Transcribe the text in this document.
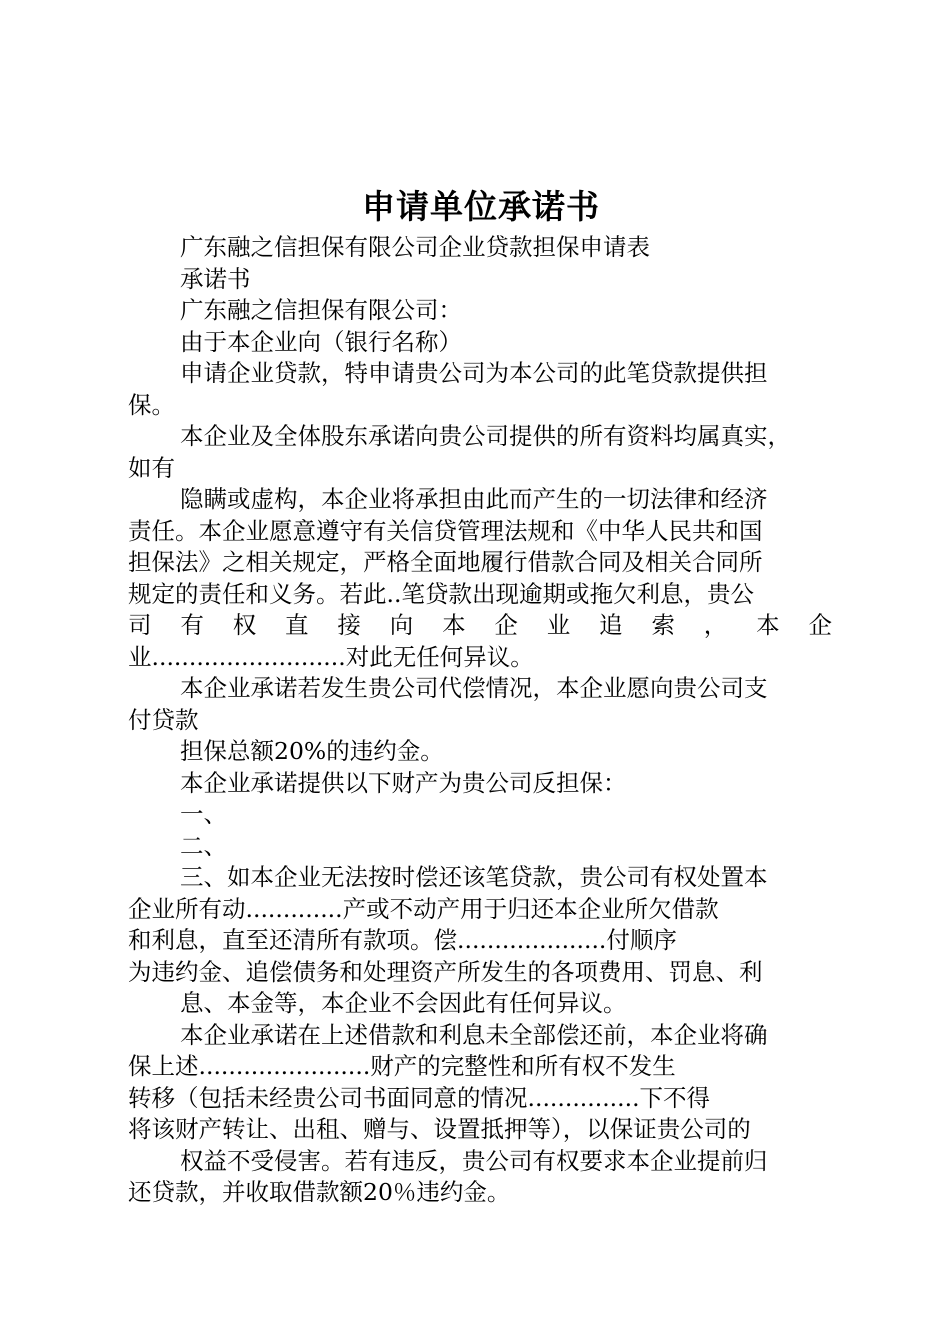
申请单位承诺书
广东融之信担保有限公司企业贷款担保申请表
承诺书
广东融之信担保有限公司：
由于本企业向（银行名称）
申请企业贷款，特申请贵公司为本公司的此笔贷款提供担
保。
本企业及全体股东承诺向贵公司提供的所有资料均属真实，
如有
隐瞒或虚构，本企业将承担由此而产生的一切法律和经济
责任。本企业愿意遵守有关信贷管理法规和《中华人民共和国
担保法》之相关规定，严格全面地履行借款合同及相关合同所
规定的责任和义务。若此..笔贷款出现逾期或拖欠利息，贵公
司 有 权 直 接 向 本 企 业 追 索 ， 本 企
业..........................对此无任何异议。
本企业承诺若发生贵公司代偿情况，本企业愿向贵公司支
付贷款
担保总额20%的违约金。
本企业承诺提供以下财产为贵公司反担保：
一、
二、
三、如本企业无法按时偿还该笔贷款，贵公司有权处置本
企业所有动.............产或不动产用于归还本企业所欠借款
和利息，直至还清所有款项。偿....................付顺序
为违约金、追偿债务和处理资产所发生的各项费用、罚息、利
息、本金等，本企业不会因此有任何异议。
本企业承诺在上述借款和利息未全部偿还前，本企业将确
保上述.......................财产的完整性和所有权不发生
转移（包括未经贵公司书面同意的情况...............下不得
将该财产转让、出租、赠与、设置抵押等），以保证贵公司的
权益不受侵害。若有违反，贵公司有权要求本企业提前归
还贷款，并收取借款额20％违约金。
